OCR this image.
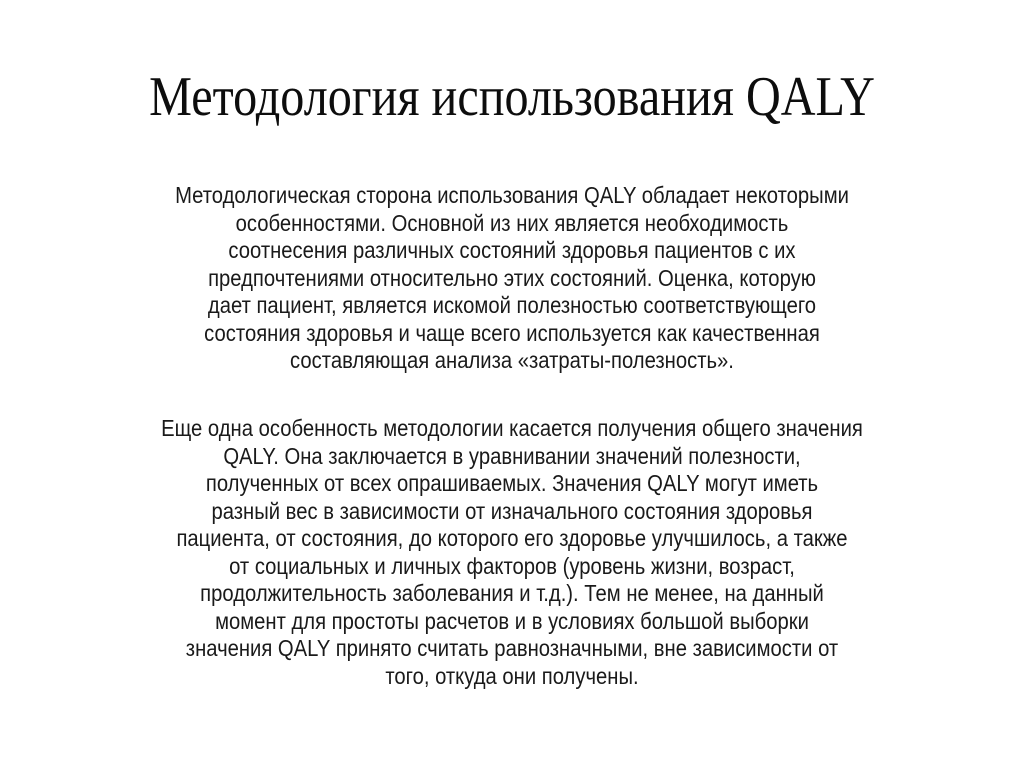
Методология использования QALY
Методологическая сторона использования QALY обладает некоторыми
особенностями. Основной из них является необходимость
соотнесения различных состояний здоровья пациентов с их
предпочтениями относительно этих состояний. Оценка, которую
дает пациент, является искомой полезностью соответствующего
состояния здоровья и чаще всего используется как качественная
составляющая анализа «затраты-полезность».
Еще одна особенность методологии касается получения общего значения
QALY. Она заключается в уравнивании значений полезности,
полученных от всех опрашиваемых. Значения QALY могут иметь
разный вес в зависимости от изначального состояния здоровья
пациента, от состояния, до которого его здоровье улучшилось, а также
от социальных и личных факторов (уровень жизни, возраст,
продолжительность заболевания и т.д.). Тем не менее, на данный
момент для простоты расчетов и в условиях большой выборки
значения QALY принято считать равнозначными, вне зависимости от
того, откуда они получены.
